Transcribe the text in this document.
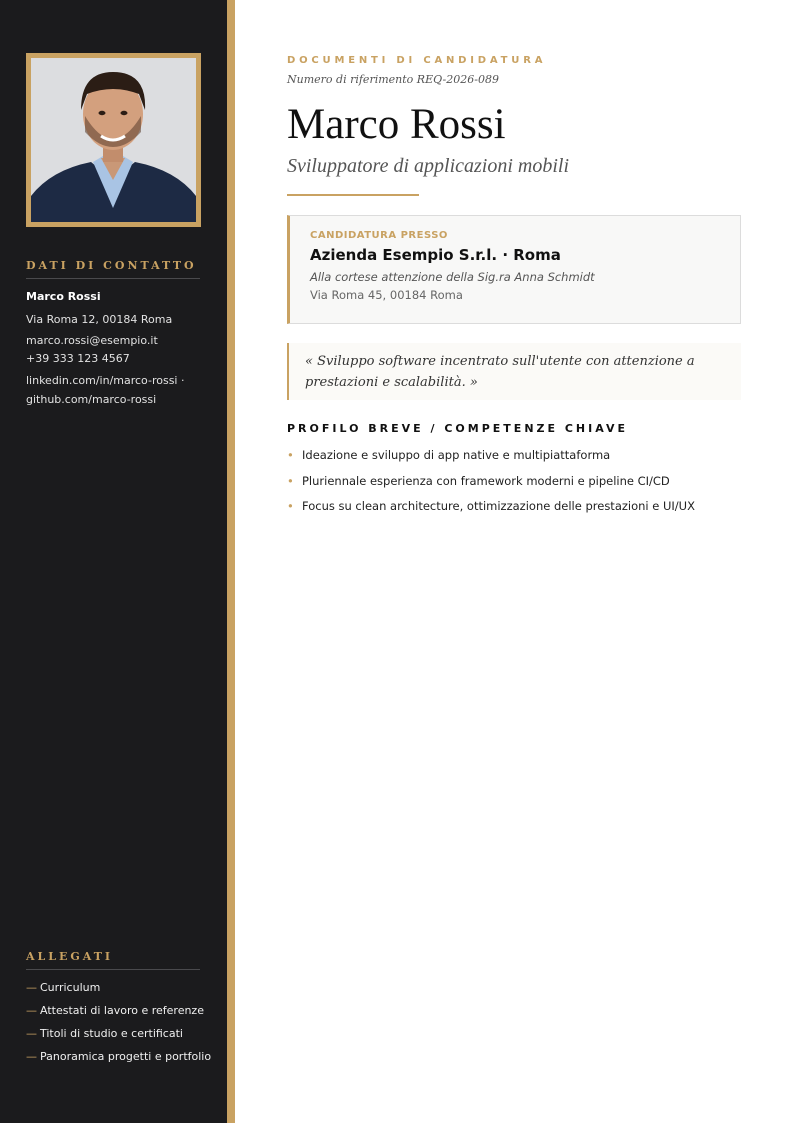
DATI DI CONTATTO
Marco Rossi
Via Roma 12, 00184 Roma
marco.rossi@esempio.it
+39 333 123 4567
linkedin.com/in/marco-rossi ·
github.com/marco-rossi
ALLEGATI
— Curriculum
— Attestati di lavoro e referenze
— Titoli di studio e certificati
— Panoramica progetti e portfolio
DOCUMENTI DI CANDIDATURA
Numero di riferimento REQ-2026-089
Marco Rossi
Sviluppatore di applicazioni mobili
CANDIDATURA PRESSO
Azienda Esempio S.r.l. · Roma
Alla cortese attenzione della Sig.ra Anna Schmidt
Via Roma 45, 00184 Roma
« Sviluppo software incentrato sull'utente con attenzione a prestazioni e scalabilità. »
PROFILO BREVE / COMPETENZE CHIAVE
• Ideazione e sviluppo di app native e multipiattaforma
• Pluriennale esperienza con framework moderni e pipeline CI/CD
• Focus su clean architecture, ottimizzazione delle prestazioni e UI/UX
